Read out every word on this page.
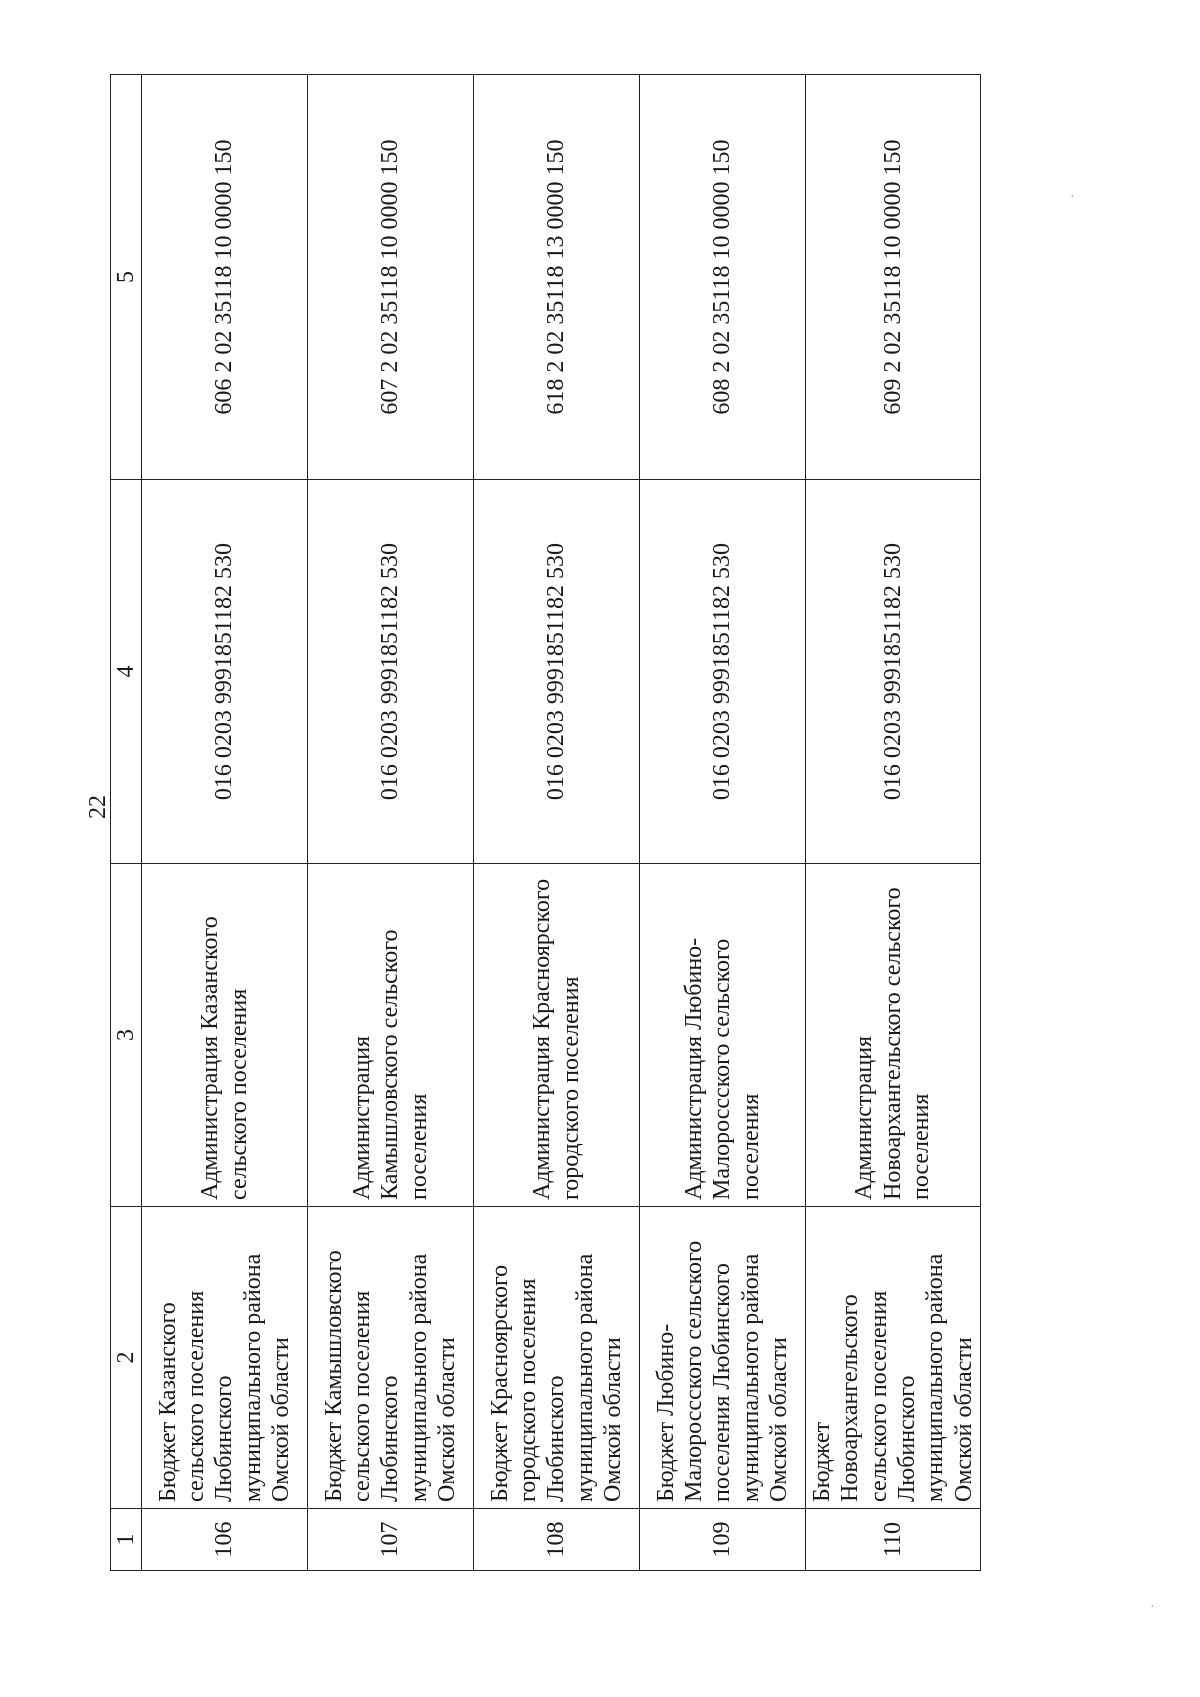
22
1	2	3	4	5
106	Бюджет Казанского сельского поселения Любинского муниципального района Омской области	Администрация Казанского сельского поселения	016 0203 9991851182 530	606 2 02 35118 10 0000 150
107	Бюджет Камышловского сельского поселения Любинского муниципального района Омской области	Администрация Камышловского сельского поселения	016 0203 9991851182 530	607 2 02 35118 10 0000 150
108	Бюджет Красноярского городского поселения Любинского муниципального района Омской области	Администрация Красноярского городского поселения	016 0203 9991851182 530	618 2 02 35118 13 0000 150
109	Бюджет Любино-Малороссского сельского поселения Любинского муниципального района Омской области	Администрация Любино-Малороссского сельского поселения	016 0203 9991851182 530	608 2 02 35118 10 0000 150
110	Бюджет Новоархангельского сельского поселения Любинского муниципального района Омской области	Администрация Новоархангельского сельского поселения	016 0203 9991851182 530	609 2 02 35118 10 0000 150	·
·
